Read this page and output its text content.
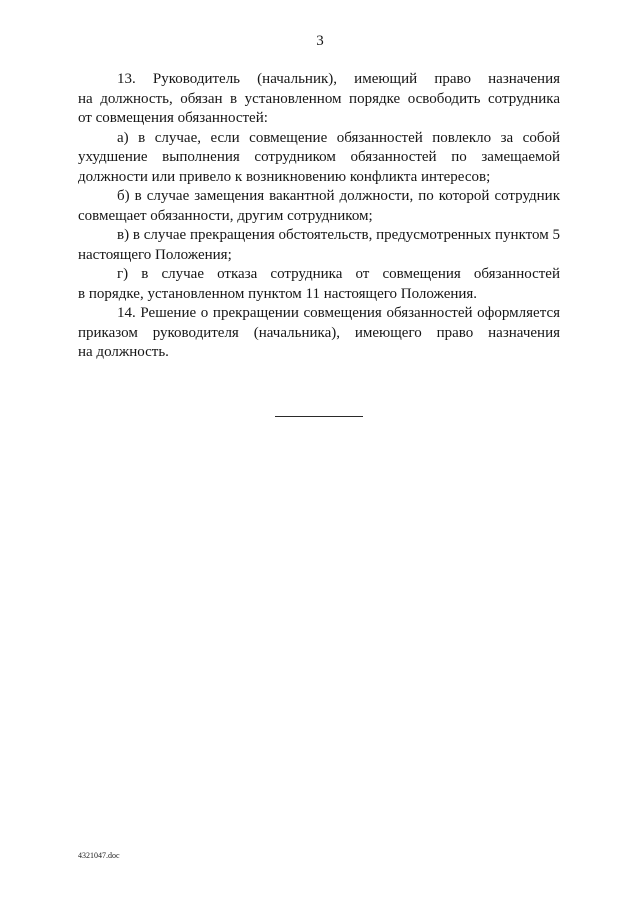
3
13. Руководитель (начальник), имеющий право назначения
на должность, обязан в установленном порядке освободить сотрудника
от совмещения обязанностей:
а) в случае, если совмещение обязанностей повлекло за собой
ухудшение выполнения сотрудником обязанностей по замещаемой
должности или привело к возникновению конфликта интересов;
б) в случае замещения вакантной должности, по которой сотрудник
совмещает обязанности, другим сотрудником;
в) в случае прекращения обстоятельств, предусмотренных пунктом 5
настоящего Положения;
г) в случае отказа сотрудника от совмещения обязанностей
в порядке, установленном пунктом 11 настоящего Положения.
14. Решение о прекращении совмещения обязанностей оформляется
приказом руководителя (начальника), имеющего право назначения
на должность.
4321047.doc
